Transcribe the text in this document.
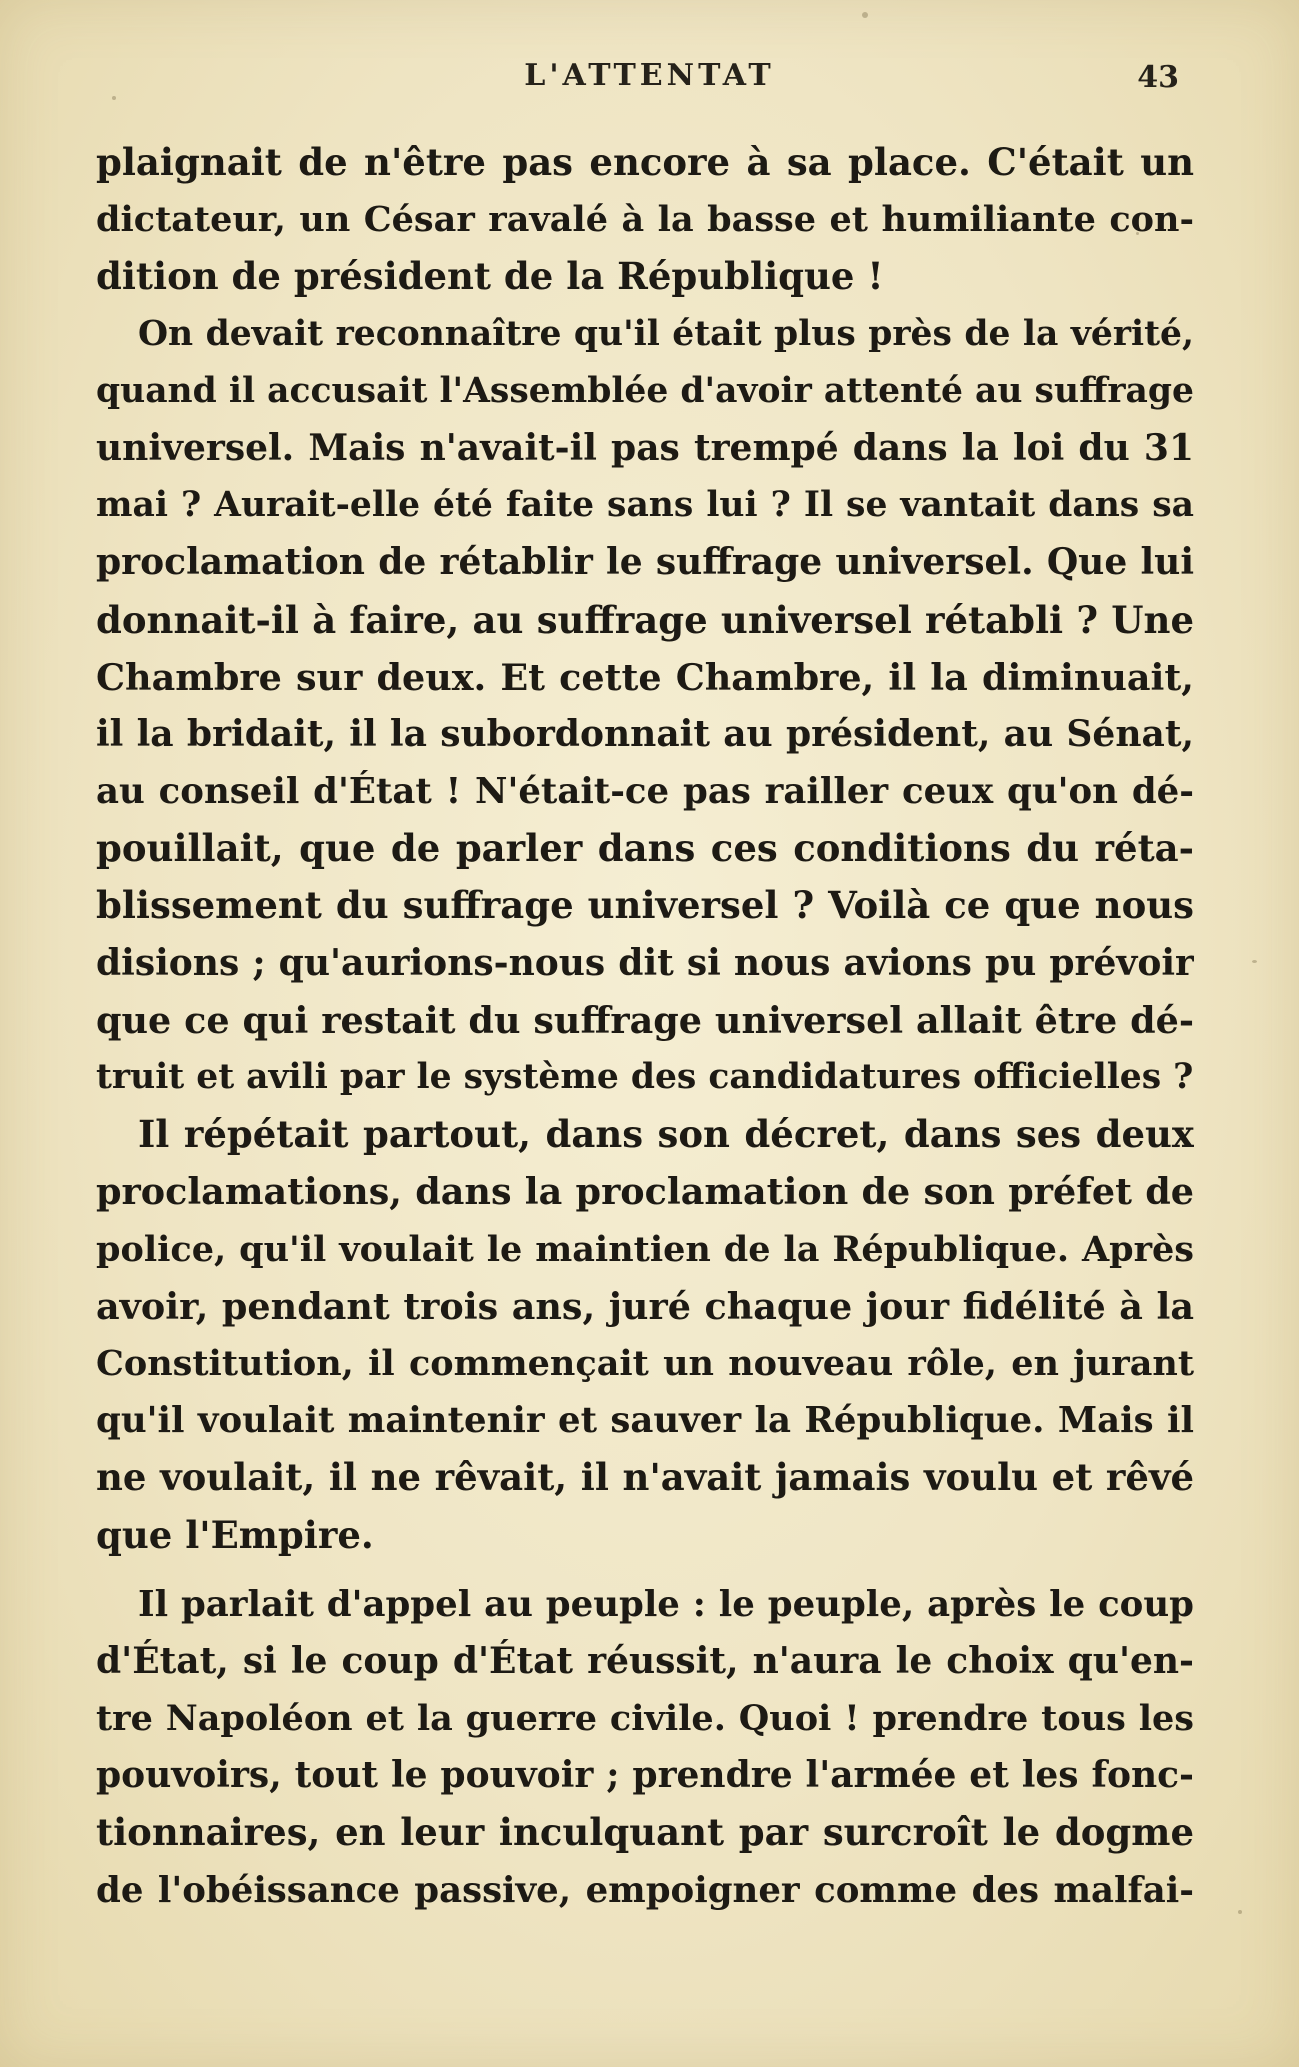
L'ATTENTAT	43
plaignait de n'être pas encore à sa place. C'était un
dictateur, un César ravalé à la basse et humiliante con-
dition de président de la République !
On devait reconnaître qu'il était plus près de la vérité,
quand il accusait l'Assemblée d'avoir attenté au suffrage
universel. Mais n'avait-il pas trempé dans la loi du 31
mai ? Aurait-elle été faite sans lui ? Il se vantait dans sa
proclamation de rétablir le suffrage universel. Que lui
donnait-il à faire, au suffrage universel rétabli ? Une
Chambre sur deux. Et cette Chambre, il la diminuait,
il la bridait, il la subordonnait au président, au Sénat,
au conseil d'État ! N'était-ce pas railler ceux qu'on dé-
pouillait, que de parler dans ces conditions du réta-
blissement du suffrage universel ? Voilà ce que nous
disions ; qu'aurions-nous dit si nous avions pu prévoir
que ce qui restait du suffrage universel allait être dé-
truit et avili par le système des candidatures officielles ?
Il répétait partout, dans son décret, dans ses deux
proclamations, dans la proclamation de son préfet de
police, qu'il voulait le maintien de la République. Après
avoir, pendant trois ans, juré chaque jour fidélité à la
Constitution, il commençait un nouveau rôle, en jurant
qu'il voulait maintenir et sauver la République. Mais il
ne voulait, il ne rêvait, il n'avait jamais voulu et rêvé
que l'Empire.
Il parlait d'appel au peuple : le peuple, après le coup
d'État, si le coup d'État réussit, n'aura le choix qu'en-
tre Napoléon et la guerre civile. Quoi ! prendre tous les
pouvoirs, tout le pouvoir ; prendre l'armée et les fonc-
tionnaires, en leur inculquant par surcroît le dogme
de l'obéissance passive, empoigner comme des malfai-
